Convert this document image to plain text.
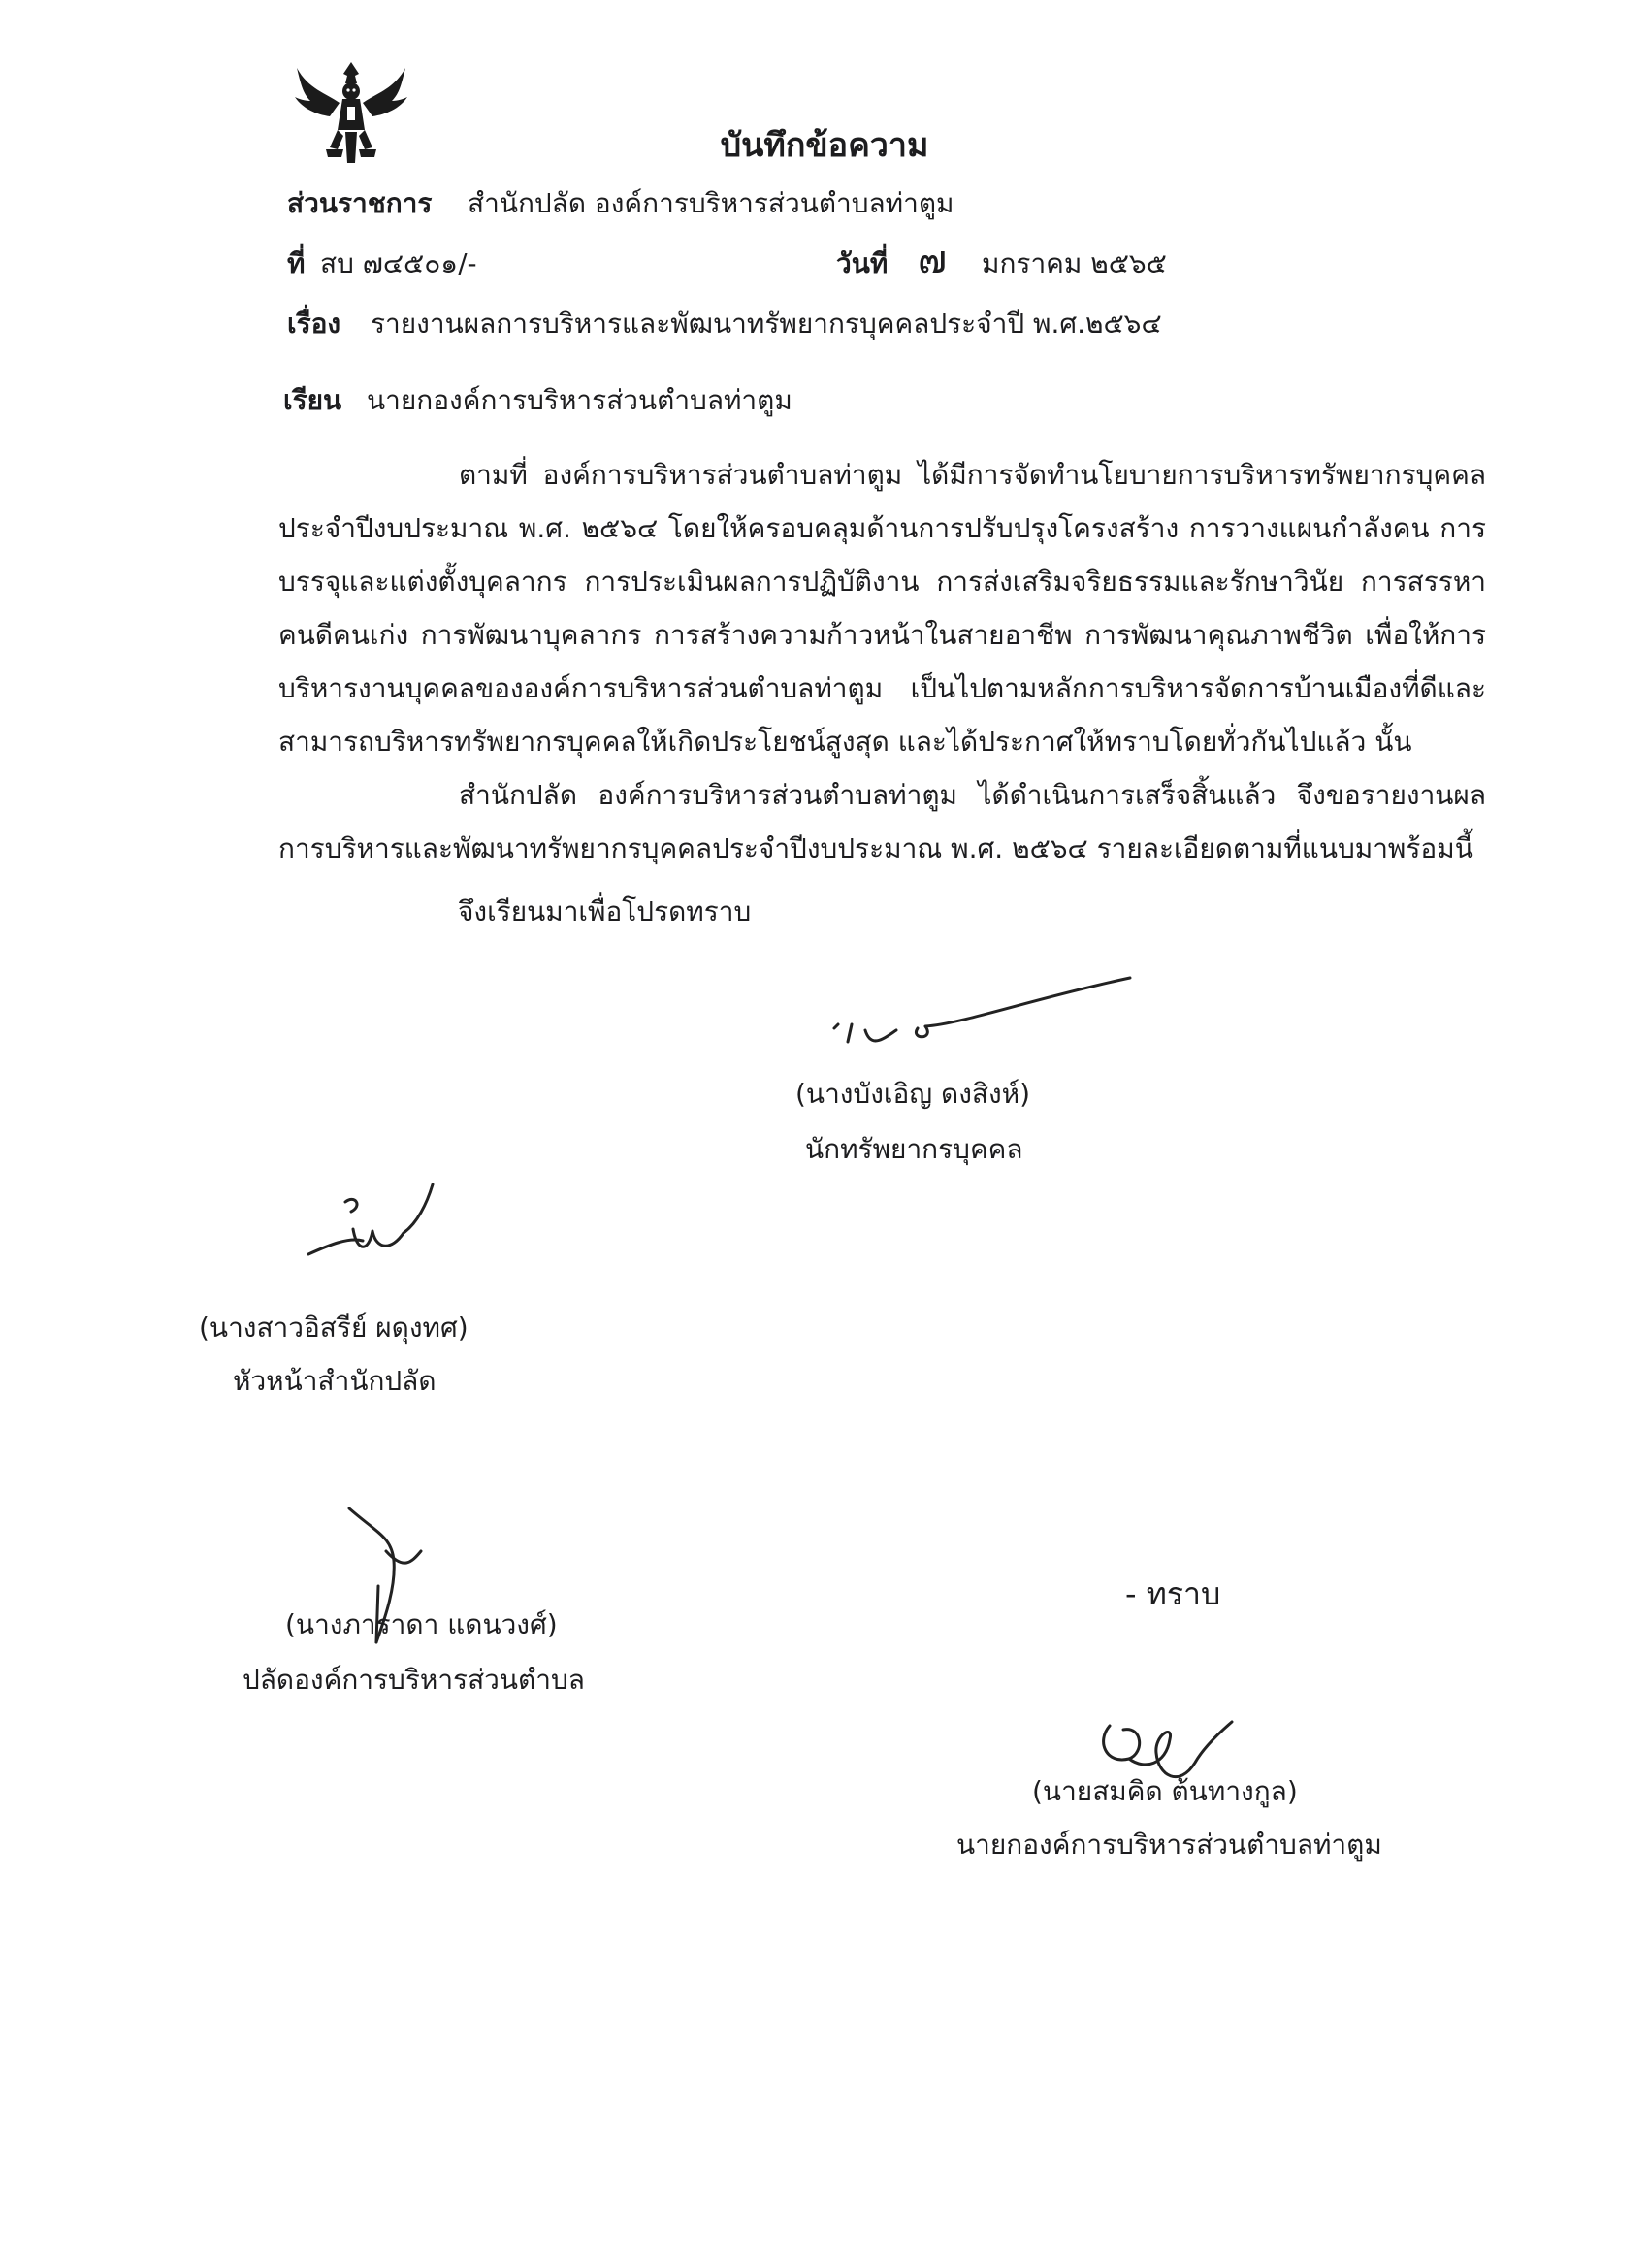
บันทึกข้อความ
ส่วนราชการ สำนักปลัด องค์การบริหารส่วนตำบลท่าตูม
ที่ สบ ๗๔๕๐๑/-	วันที่ ๗ มกราคม ๒๕๖๕
เรื่อง รายงานผลการบริหารและพัฒนาทรัพยากรบุคคลประจำปี พ.ศ.๒๕๖๔
เรียน นายกองค์การบริหารส่วนตำบลท่าตูม
ตามที่ องค์การบริหารส่วนตำบลท่าตูม ได้มีการจัดทำนโยบายการบริหารทรัพยากรบุคคลประจำปีงบประมาณ พ.ศ. ๒๕๖๔ โดยให้ครอบคลุมด้านการปรับปรุงโครงสร้าง การวางแผนกำลังคน การบรรจุและแต่งตั้งบุคลากร การประเมินผลการปฏิบัติงาน การส่งเสริมจริยธรรมและรักษาวินัย การสรรหาคนดีคนเก่ง การพัฒนาบุคลากร การสร้างความก้าวหน้าในสายอาชีพ การพัฒนาคุณภาพชีวิต เพื่อให้การบริหารงานบุคคลขององค์การบริหารส่วนตำบลท่าตูม เป็นไปตามหลักการบริหารจัดการบ้านเมืองที่ดีและสามารถบริหารทรัพยากรบุคคลให้เกิดประโยชน์สูงสุด และได้ประกาศให้ทราบโดยทั่วกันไปแล้ว นั้น
สำนักปลัด องค์การบริหารส่วนตำบลท่าตูม ได้ดำเนินการเสร็จสิ้นแล้ว จึงขอรายงานผลการบริหารและพัฒนาทรัพยากรบุคคลประจำปีงบประมาณ พ.ศ. ๒๕๖๔ รายละเอียดตามที่แนบมาพร้อมนี้
จึงเรียนมาเพื่อโปรดทราบ
(นางบังเอิญ ดงสิงห์)
นักทรัพยากรบุคคล
(นางสาวอิสรีย์ ผดุงทศ)
หัวหน้าสำนักปลัด
(นางภาราดา แดนวงศ์)
ปลัดองค์การบริหารส่วนตำบล
- ทราบ
(นายสมคิด ต้นทางกูล)
นายกองค์การบริหารส่วนตำบลท่าตูม
